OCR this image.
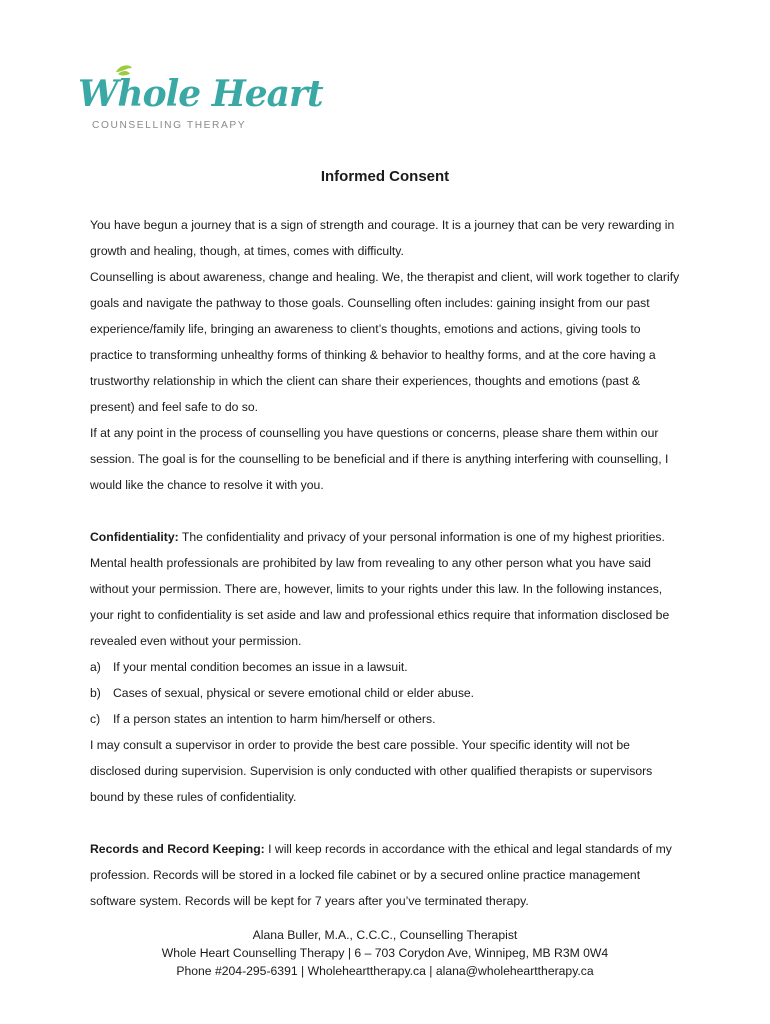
Whole Heart
COUNSELLING THERAPY
Informed Consent

You have begun a journey that is a sign of strength and courage. It is a journey that can be very rewarding in growth and healing, though, at times, comes with difficulty.

Counselling is about awareness, change and healing. We, the therapist and client, will work together to clarify goals and navigate the pathway to those goals. Counselling often includes: gaining insight from our past experience/family life, bringing an awareness to client’s thoughts, emotions and actions, giving tools to practice to transforming unhealthy forms of thinking & behavior to healthy forms, and at the core having a trustworthy relationship in which the client can share their experiences, thoughts and emotions (past & present) and feel safe to do so.

If at any point in the process of counselling you have questions or concerns, please share them within our session. The goal is for the counselling to be beneficial and if there is anything interfering with counselling, I would like the chance to resolve it with you.

Confidentiality: The confidentiality and privacy of your personal information is one of my highest priorities. Mental health professionals are prohibited by law from revealing to any other person what you have said without your permission. There are, however, limits to your rights under this law. In the following instances, your right to confidentiality is set aside and law and professional ethics require that information disclosed be revealed even without your permission.

a) If your mental condition becomes an issue in a lawsuit.

b) Cases of sexual, physical or severe emotional child or elder abuse.

c) If a person states an intention to harm him/herself or others.

I may consult a supervisor in order to provide the best care possible. Your specific identity will not be disclosed during supervision. Supervision is only conducted with other qualified therapists or supervisors bound by these rules of confidentiality.

Records and Record Keeping: I will keep records in accordance with the ethical and legal standards of my profession. Records will be stored in a locked file cabinet or by a secured online practice management software system. Records will be kept for 7 years after you’ve terminated therapy.

Alana Buller, M.A., C.C.C., Counselling Therapist
Whole Heart Counselling Therapy | 6 – 703 Corydon Ave, Winnipeg, MB R3M 0W4
Phone #204-295-6391 | Wholehearttherapy.ca | alana@wholehearttherapy.ca
